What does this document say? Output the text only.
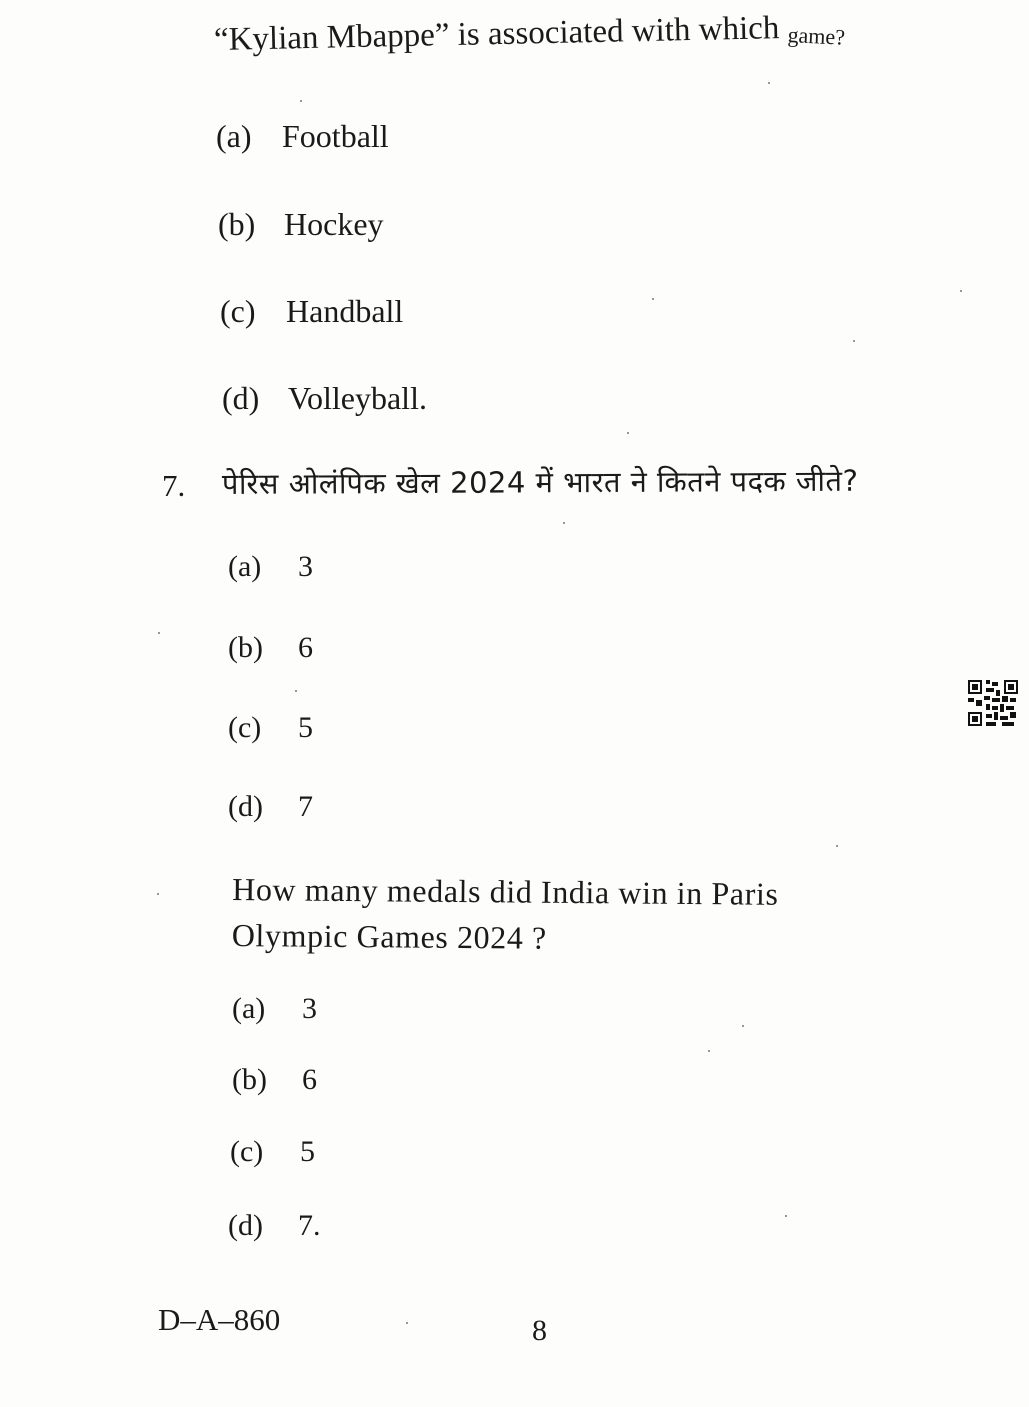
“Kylian Mbappe” is associated with which game?
(a) Football
(b) Hockey
(c) Handball
(d) Volleyball.
7. पेरिस ओलंपिक खेल 2024 में भारत ने कितने पदक जीते?
(a) 3
(b) 6
(c) 5
(d) 7
How many medals did India win in Paris
Olympic Games 2024 ?
(a) 3
(b) 6
(c) 5
(d) 7.
D–A–860	8
